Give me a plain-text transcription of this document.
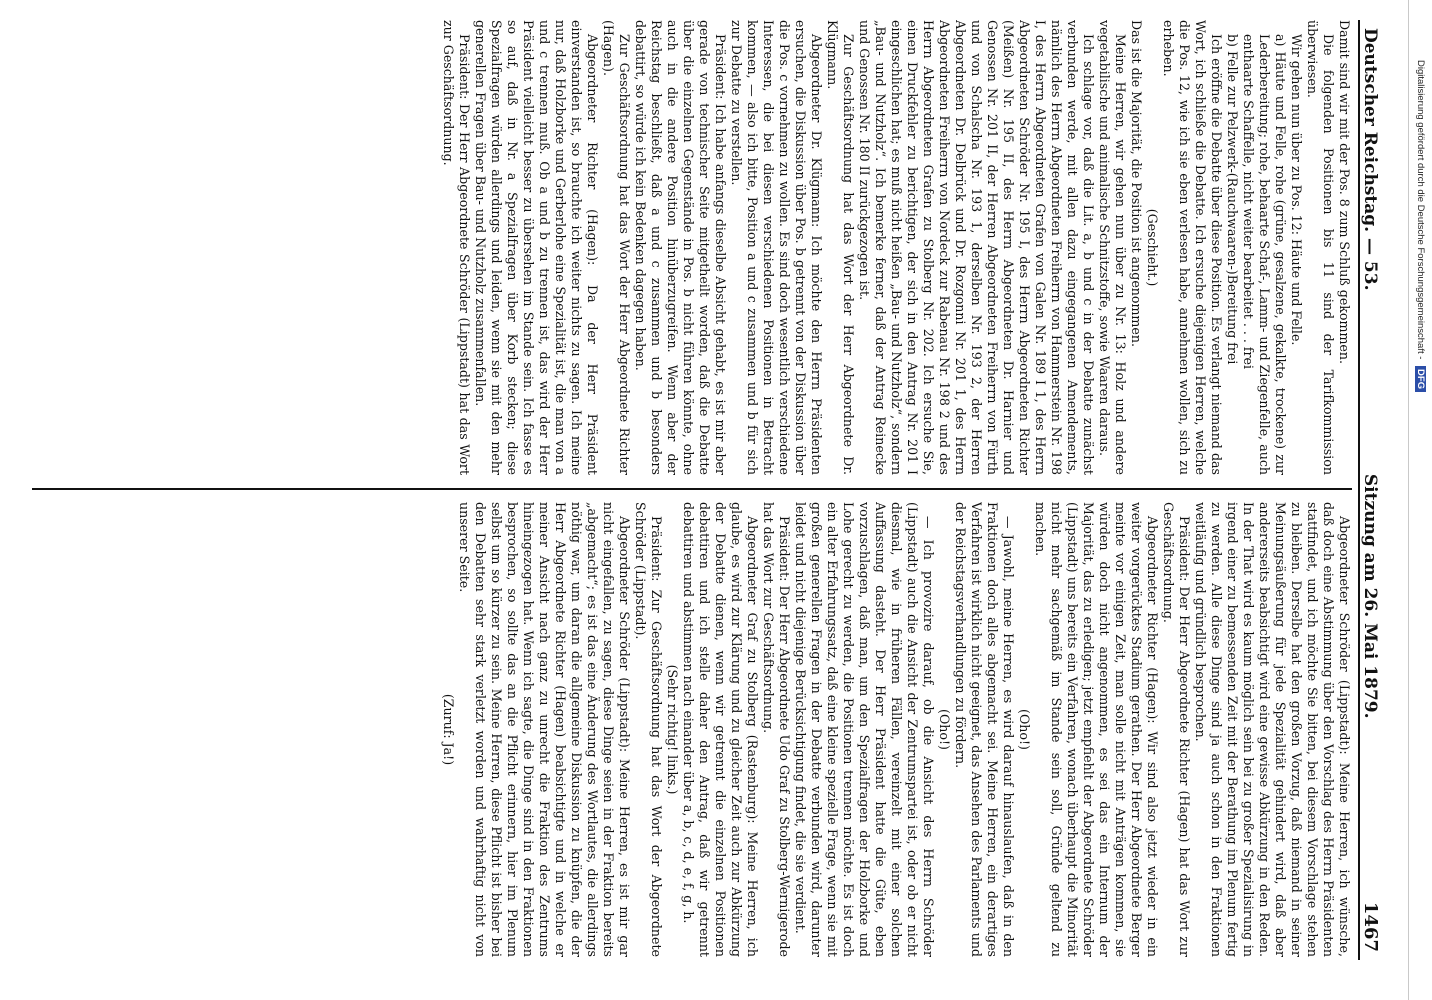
Deutscher Reichstag. — 53.
Sitzung am 26. Mai 1879.
1467

Damit sind wir mit der Pos. 8 zum Schluß gekommen.

Die folgenden Positionen bis 11 sind der Tarifkommission überwiesen.

Wir gehen nun über zu Pos. 12: Häute und Felle.

a) Häute und Felle, rohe (grüne, gesalzene, gekalkte, trockene) zur Lederbereitung; rohe, behaarte Schaf-, Lamm- und Ziegenfelle, auch enthaarte Schaffelle, nicht weiter bearbeitet . . . frei

b) Felle zur Pelzwerk-(Rauchwaaren-)Bereitung frei

Ich eröffne die Debatte über diese Position. Es verlangt niemand das Wort, ich schließe die Debatte. Ich ersuche diejenigen Herren, welche die Pos. 12, wie ich sie eben verlesen habe, annehmen wollen, sich zu erheben.

(Geschieht.)

Das ist die Majorität, die Position ist angenommen.

Meine Herren, wir gehen nun über zu Nr. 13: Holz und andere vegetabilische und animalische Schnitzstoffe, sowie Waaren daraus.

Ich schlage vor, daß die Lit. a, b und c in der Debatte zunächst verbunden werde, mit allen dazu eingegangenen Amendements, nämlich des Herrn Abgeordneten Freiherrn von Hammerstein Nr. 198 I, des Herrn Abgeordneten Grafen von Galen Nr. 189 I 1, des Herrn Abgeordneten Schröder Nr. 195 I, des Herrn Abgeordneten Richter (Meißen) Nr. 195 II, des Herrn Abgeordneten Dr. Harnier und Genossen Nr. 201 II, der Herren Abgeordneten Freiherrn von Fürth und von Schalscha Nr. 193 1, derselben Nr. 193 2, der Herren Abgeordneten Dr. Delbrück und Dr. Rozgonni Nr. 201 1, des Herrn Abgeordneten Freiherrn von Nordeck zur Rabenau Nr. 198 2 und des Herrn Abgeordneten Grafen zu Stolberg Nr. 202. Ich ersuche Sie, einen Druckfehler zu berichtigen, der sich in den Antrag Nr. 201 I eingeschlichen hat; es muß nicht heißen „Bau- und Nutzholz“, sondern „Bau- und Nutzholz“. Ich bemerke ferner, daß der Antrag Reinecke und Genossen Nr. 180 II zurückgezogen ist.

Zur Geschäftsordnung hat das Wort der Herr Abgeordnete Dr. Klügmann.

Abgeordneter Dr. Klügmann: Ich möchte den Herrn Präsidenten ersuchen, die Diskussion über Pos. b getrennt von der Diskussion über die Pos. c vornehmen zu wollen. Es sind doch wesentlich verschiedene Interessen, die bei diesen verschiedenen Positionen in Betracht kommen, — also ich bitte, Position a und c zusammen und b für sich zur Debatte zu verstellen.

Präsident: Ich habe anfangs dieselbe Absicht gehabt, es ist mir aber gerade von technischer Seite mitgetheilt worden, daß die Debatte über die einzelnen Gegenstände in Pos. b nicht führen könnte, ohne auch in die andere Position hinüberzugreifen. Wenn aber der Reichstag beschließt, daß a und c zusammen und b besonders debattirt, so würde ich kein Bedenken dagegen haben.

Zur Geschäftsordnung hat das Wort der Herr Abgeordnete Richter (Hagen).

Abgeordneter Richter (Hagen): Da der Herr Präsident einverstanden ist, so brauchte ich weiter nichts zu sagen. Ich meine nur, daß Holzborke und Gerberlohe eine Spezialität ist, die man von a und c trennen muß. Ob a und b zu trennen ist, das wird der Herr Präsident vielleicht besser zu übersehen im Stande sein. Ich fasse es so auf, daß in Nr. a Spezialfragen über Korb stecken; diese Spezialfragen würden allerdings und leiden, wenn sie mit den mehr generellen Fragen über Bau- und Nutzholz zusammenfallen.

Präsident: Der Herr Abgeordnete Schröder (Lippstadt) hat das Wort zur Geschäftsordnung.

Abgeordneter Schröder (Lippstadt): Meine Herren, ich wünsche, daß doch eine Abstimmung über den Vorschlag des Herrn Präsidenten stattfindet, und ich möchte Sie bitten, bei diesem Vorschlage stehen zu bleiben. Derselbe hat den großen Vorzug, daß niemand in seiner Meinungsäußerung für jede Spezialität gehindert wird, daß aber andererseits beabsichtigt wird eine gewisse Abkürzung in den Reden. In der That wird es kaum möglich sein bei zu großer Spezialisirung in irgend einer zu bemessenden Zeit mit der Berathung im Plenum fertig zu werden. Alle diese Dinge sind ja auch schon in den Fraktionen weitläufig und gründlich besprochen.

Präsident: Der Herr Abgeordnete Richter (Hagen) hat das Wort zur Geschäftsordnung.

Abgeordneter Richter (Hagen): Wir sind also jetzt wieder in ein weiter vorgerücktes Stadium gerathen. Der Herr Abgeordnete Berger meinte vor einigen Zeit, man solle nicht mit Anträgen kommen, sie würden doch nicht angenommen, es sei das ein Internum der Majorität, das zu erledigen; jetzt empfiehlt der Abgeordnete Schröder (Lippstadt) uns bereits ein Verfahren, wonach überhaupt die Minorität nicht mehr sachgemäß im Stande sein soll, Gründe geltend zu machen.

(Oho!)

— Jawohl, meine Herren, es wird darauf hinauslaufen, daß in den Fraktionen doch alles abgemacht sei. Meine Herren, ein derartiges Verfahren ist wirklich nicht geeignet, das Ansehen des Parlaments und der Reichstagsverhandlungen zu fördern.

(Oho!)

— Ich provozire darauf, ob die Ansicht des Herrn Schröder (Lippstadt) auch die Ansicht der Zentrumspartei ist, oder ob er nicht diesmal, wie in früheren Fällen, vereinzelt mit einer solchen Auffassung dasteht. Der Herr Präsident hatte die Güte, eben vorzuschlagen, daß man, um den Spezialfragen der Holzborke und Lohe gerecht zu werden, die Positionen trennen möchte. Es ist doch ein alter Erfahrungssatz, daß eine kleine spezielle Frage, wenn sie mit großen generellen Fragen in der Debatte verbunden wird, darunter leidet und nicht diejenige Berücksichtigung findet, die sie verdient.

Präsident: Der Herr Abgeordnete Udo Graf zu Stolberg-Wernigerode hat das Wort zur Geschäftsordnung.

Abgeordneter Graf zu Stolberg (Rastenburg): Meine Herren, ich glaube, es wird zur Klärung und zu gleicher Zeit auch zur Abkürzung der Debatte dienen, wenn wir getrennt die einzelnen Positionen debattiren und ich stelle daher den Antrag, daß wir getrennt debattiren und abstimmen nach einander über a, b, c, d, e, f, g, h.

(Sehr richtig! links.)

Präsident: Zur Geschäftsordnung hat das Wort der Abgeordnete Schröder (Lippstadt).

Abgeordneter Schröder (Lippstadt): Meine Herren, es ist mir gar nicht eingefallen, zu sagen, diese Dinge seien in der Fraktion bereits „abgemacht“; es ist das eine Änderung des Wortlautes, die allerdings nöthig war, um daran die allgemeine Diskussion zu knüpfen, die der Herr Abgeordnete Richter (Hagen) beabsichtigte und in welche er meiner Ansicht nach ganz zu unrecht die Fraktion des Zentrums hineingezogen hat. Wenn ich sagte, die Dinge sind in den Fraktionen besprochen, so sollte das an die Pflicht erinnern, hier im Plenum selbst um so kürzer zu sein. Meine Herren, diese Pflicht ist bisher bei den Debatten sehr stark verletzt worden und wahrhaftig nicht von unserer Seite.

(Zuruf: Ja!)

Digitalisierung gefördert durch die Deutsche Forschungsgemeinschaft - DFG
